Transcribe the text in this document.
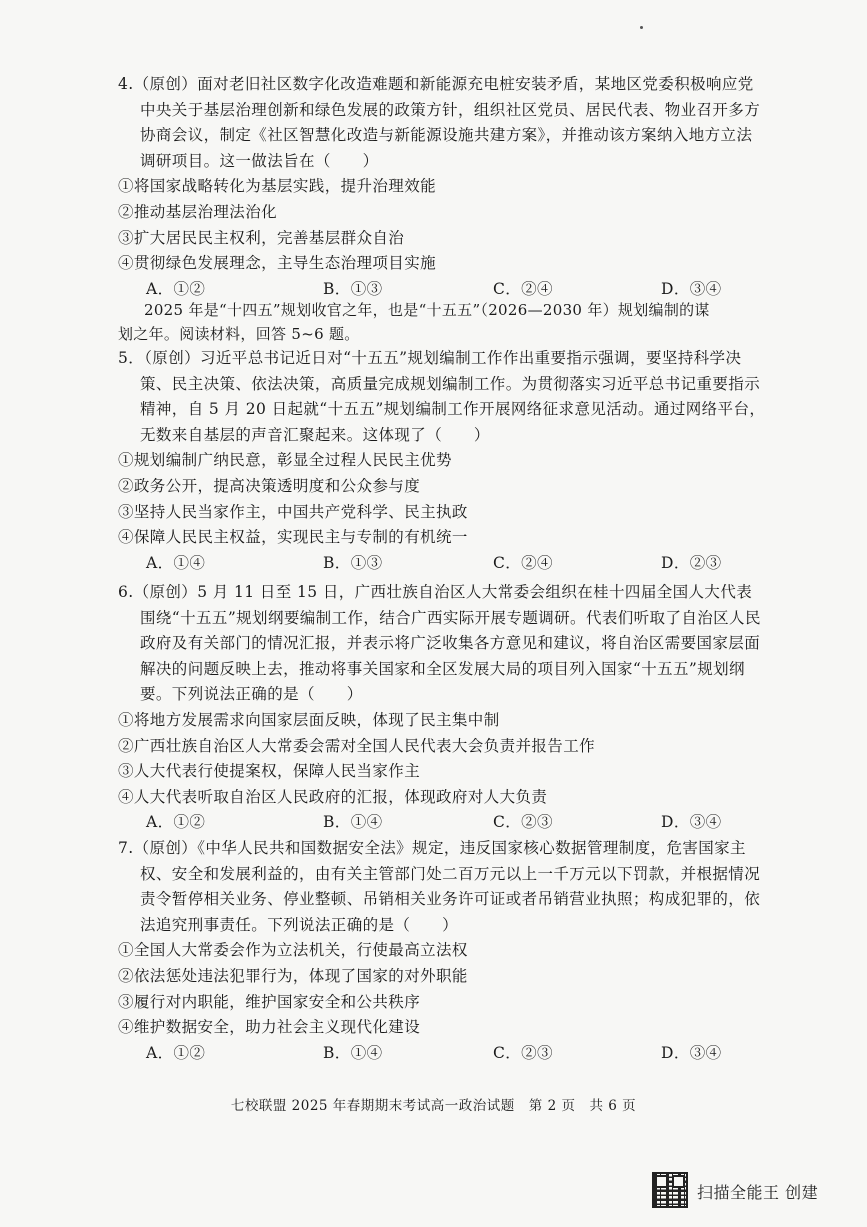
4.（原创）面对老旧社区数字化改造难题和新能源充电桩安装矛盾，某地区党委积极响应党中央关于基层治理创新和绿色发展的政策方针，组织社区党员、居民代表、物业召开多方协商会议，制定《社区智慧化改造与新能源设施共建方案》，并推动该方案纳入地方立法调研项目。这一做法旨在（　　）

①将国家战略转化为基层实践，提升治理效能

②推动基层治理法治化

③扩大居民民主权利，完善基层群众自治

④贯彻绿色发展理念，主导生态治理项目实施

A．①②	B．①③	C．②④	D．③④

2025 年是“十四五”规划收官之年，也是“十五五”（2026—2030 年）规划编制的谋

划之年。阅读材料，回答 5~6 题。

5．（原创）习近平总书记近日对“十五五”规划编制工作作出重要指示强调，要坚持科学决策、民主决策、依法决策，高质量完成规划编制工作。为贯彻落实习近平总书记重要指示精神，自 5 月 20 日起就“十五五”规划编制工作开展网络征求意见活动。通过网络平台，无数来自基层的声音汇聚起来。这体现了（　　）

①规划编制广纳民意，彰显全过程人民民主优势

②政务公开，提高决策透明度和公众参与度

③坚持人民当家作主，中国共产党科学、民主执政

④保障人民民主权益，实现民主与专制的有机统一

A．①④	B．①③	C．②④	D．②③

6.（原创）5 月 11 日至 15 日，广西壮族自治区人大常委会组织在桂十四届全国人大代表围绕“十五五”规划纲要编制工作，结合广西实际开展专题调研。代表们听取了自治区人民政府及有关部门的情况汇报，并表示将广泛收集各方意见和建议，将自治区需要国家层面解决的问题反映上去，推动将事关国家和全区发展大局的项目列入国家“十五五”规划纲要。下列说法正确的是（　　）

①将地方发展需求向国家层面反映，体现了民主集中制

②广西壮族自治区人大常委会需对全国人民代表大会负责并报告工作

③人大代表行使提案权，保障人民当家作主

④人大代表听取自治区人民政府的汇报，体现政府对人大负责

A．①②	B．①④	C．②③	D．③④

7.（原创）《中华人民共和国数据安全法》规定，违反国家核心数据管理制度，危害国家主权、安全和发展利益的，由有关主管部门处二百万元以上一千万元以下罚款，并根据情况责令暂停相关业务、停业整顿、吊销相关业务许可证或者吊销营业执照；构成犯罪的，依法追究刑事责任。下列说法正确的是（　　）

①全国人大常委会作为立法机关，行使最高立法权

②依法惩处违法犯罪行为，体现了国家的对外职能

③履行对内职能，维护国家安全和公共秩序

④维护数据安全，助力社会主义现代化建设

A．①②	B．①④	C．②③	D．③④
七校联盟 2025 年春期期末考试高一政治试题　第 2 页　共 6 页
扫描全能王 创建
